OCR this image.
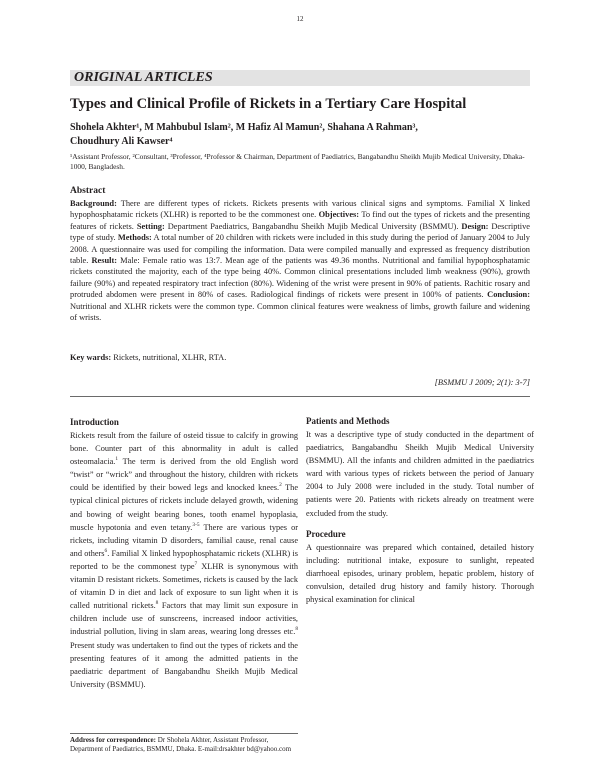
12
ORIGINAL ARTICLES
Types and Clinical Profile of Rickets in a Tertiary Care Hospital
Shohela Akhter¹, M Mahbubul Islam², M Hafiz Al Mamun², Shahana A Rahman³,
Choudhury Ali Kawser⁴
¹Assistant Professor, ²Consultant, ³Professor, ⁴Professor & Chairman, Department of Paediatrics, Bangabandhu Sheikh Mujib Medical University, Dhaka-1000, Bangladesh.
Abstract
Background: There are different types of rickets. Rickets presents with various clinical signs and symptoms. Familial X linked hypophosphatamic rickets (XLHR) is reported to be the commonest one. Objectives: To find out the types of rickets and the presenting features of rickets. Setting: Department Paediatrics, Bangabandhu Sheikh Mujib Medical University (BSMMU). Design: Descriptive type of study. Methods: A total number of 20 children with rickets were included in this study during the period of January 2004 to July 2008. A questionnaire was used for compiling the information. Data were compiled manually and expressed as frequency distribution table. Result: Male: Female ratio was 13:7. Mean age of the patients was 49.36 months. Nutritional and familial hypophosphatamic rickets constituted the majority, each of the type being 40%. Common clinical presentations included limb weakness (90%), growth failure (90%) and repeated respiratory tract infection (80%). Widening of the wrist were present in 90% of patients. Rachitic rosary and protruded abdomen were present in 80% of cases. Radiological findings of rickets were present in 100% of patients. Conclusion: Nutritional and XLHR rickets were the common type. Common clinical features were weakness of limbs, growth failure and widening of wrists.
Key wards: Rickets, nutritional, XLHR, RTA.
[BSMMU J 2009; 2(1): 3-7]
Introduction

Rickets result from the failure of osteid tissue to calcify in growing bone. Counter part of this abnormality in adult is called osteomalacia.$^1$ The term is derived from the old English word “twist” or “wrick” and throughout the history, children with rickets could be identified by their bowed legs and knocked knees.$^2$ The typical clinical pictures of rickets include delayed growth, widening and bowing of weight bearing bones, tooth enamel hypoplasia, muscle hypotonia and even tetany.$^{3-5}$ There are various types or rickets, including vitamin D disorders, familial cause, renal cause and others$^6$. Familial X linked hypophosphatamic rickets (XLHR) is reported to be the commonest type$^7$ XLHR is synonymous with vitamin D resistant rickets. Sometimes, rickets is caused by the lack of vitamin D in diet and lack of exposure to sun light when it is called nutritional rickets.$^8$ Factors that may limit sun exposure in children include use of sunscreens, increased indoor activities, industrial pollution, living in slam areas, wearing long dresses etc.$^8$ Present study was undertaken to find out the types of rickets and the presenting features of it among the admitted patients in the paediatric department of Bangabandhu Sheikh Mujib Medical University (BSMMU).

Patients and Methods

It was a descriptive type of study conducted in the department of paediatrics, Bangabandhu Sheikh Mujib Medical University (BSMMU). All the infants and children admitted in the paediatrics ward with various types of rickets between the period of January 2004 to July 2008 were included in the study. Total number of patients were 20. Patients with rickets already on treatment were excluded from the study.

Procedure

A questionnaire was prepared which contained, detailed history including: nutritional intake, exposure to sunlight, repeated diarrhoeal episodes, urinary problem, hepatic problem, history of convulsion, detailed drug history and family history. Thorough physical examination for clinical

Address for correspondence: Dr Shohela Akhter, Assistant Professor, Department of Paediatrics, BSMMU, Dhaka. E-mail:drsakhter bd@yahoo.com
